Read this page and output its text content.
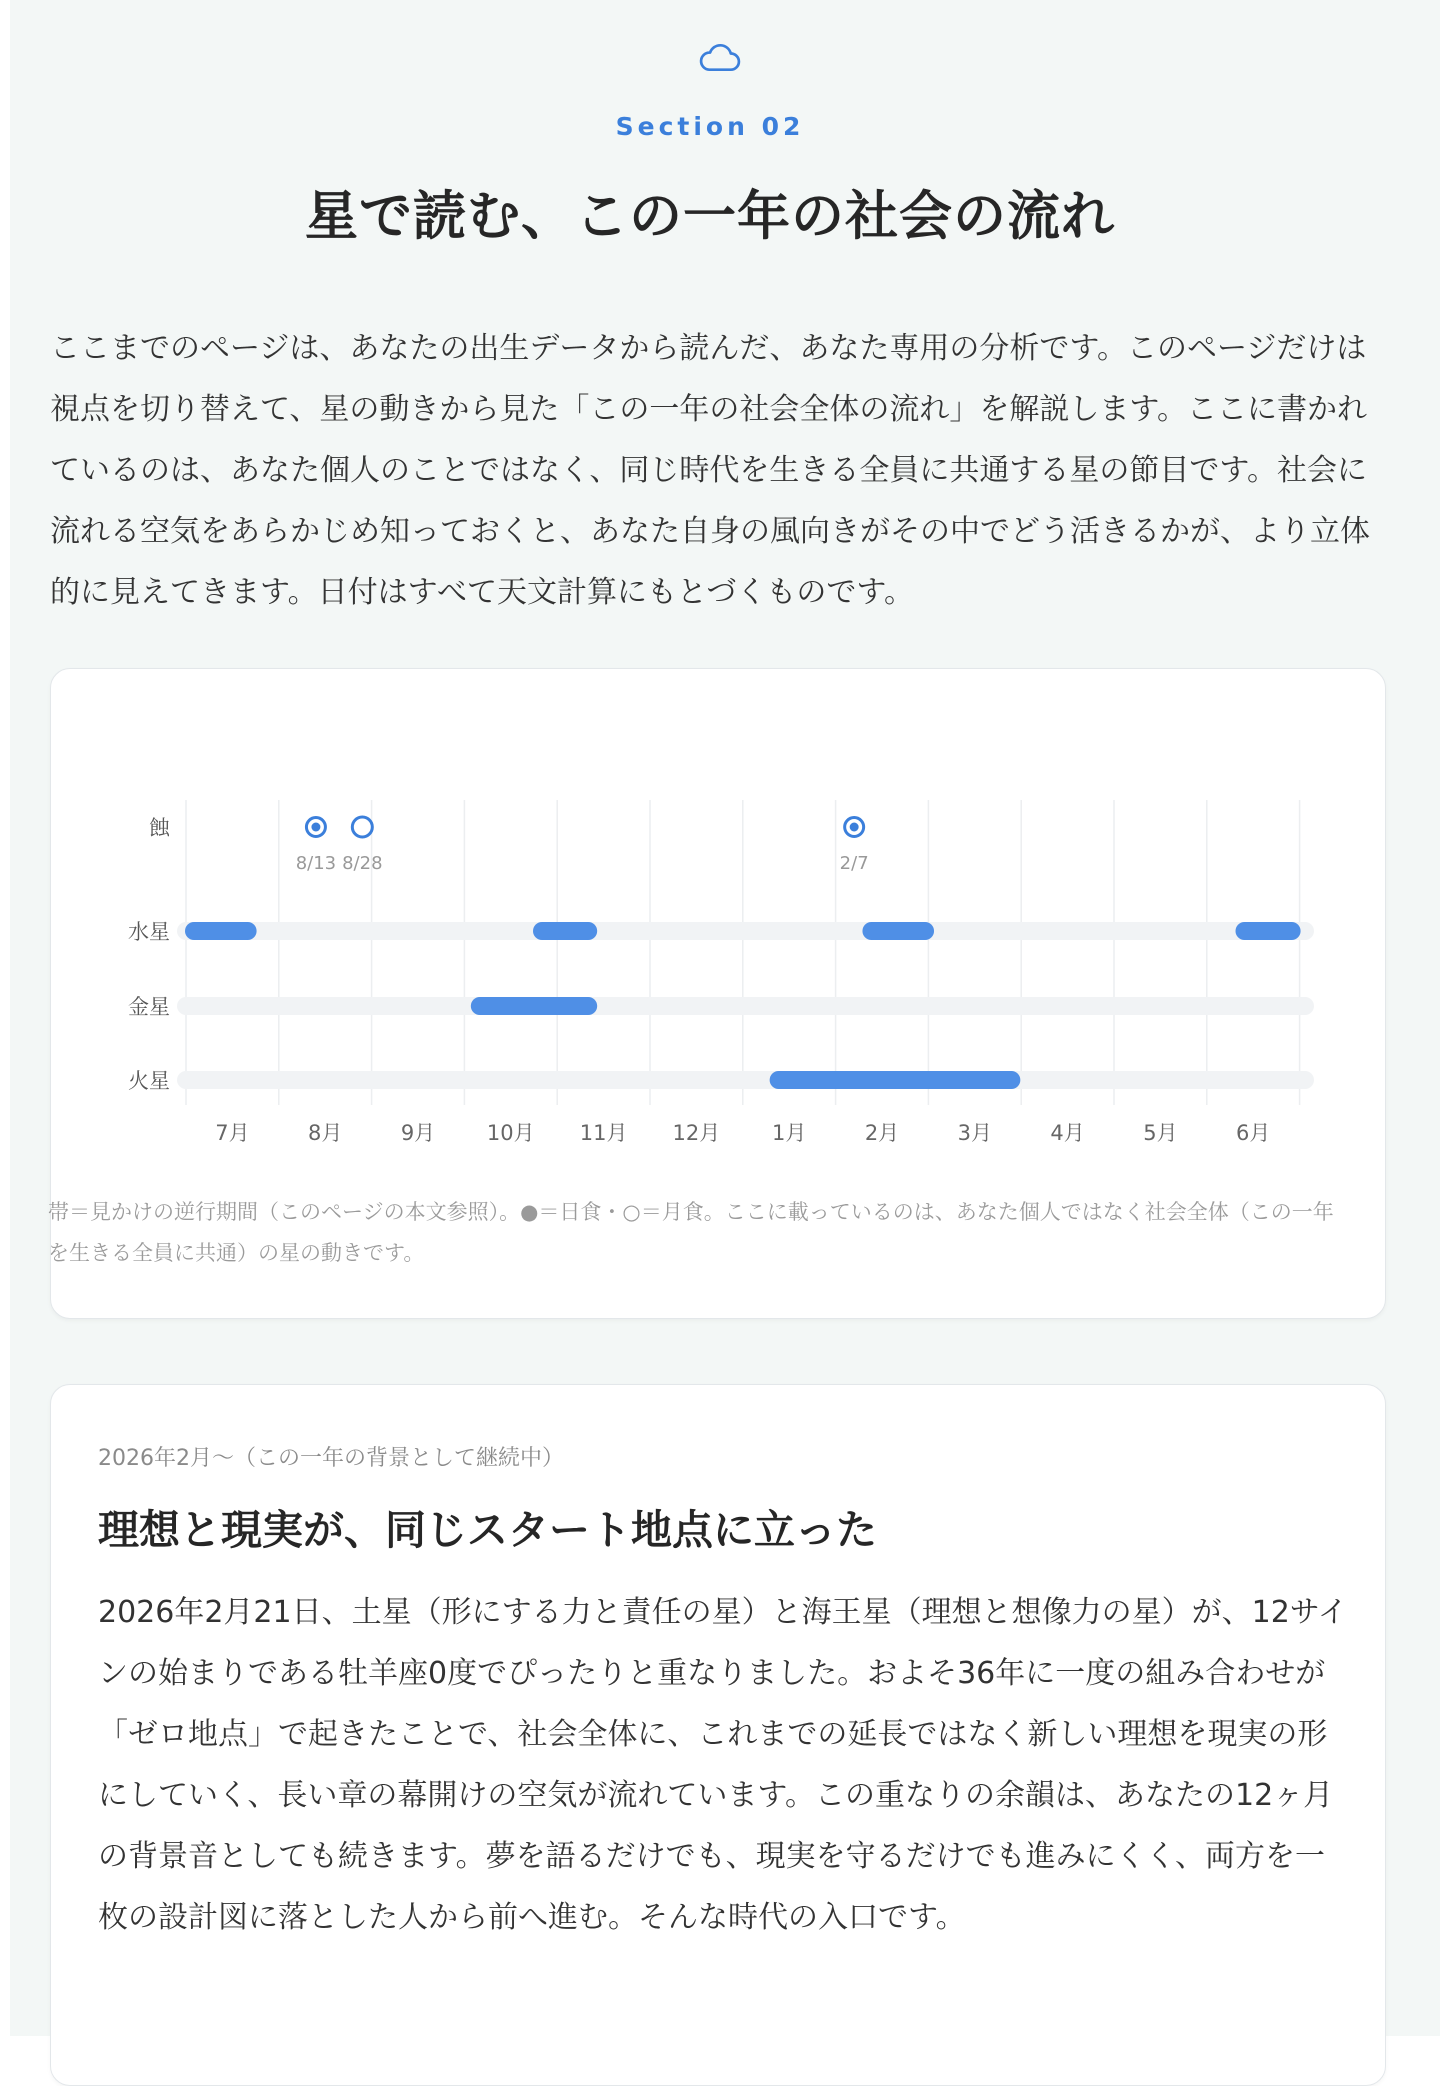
Section 02
星で読む、この一年の社会の流れ

ここまでのページは、あなたの出生データから読んだ、あなた専用の分析です。このページだけは視点を切り替えて、星の動きから見た「この一年の社会全体の流れ」を解説します。ここに書かれているのは、あなた個人のことではなく、同じ時代を生きる全員に共通する星の節目です。社会に流れる空気をあらかじめ知っておくと、あなた自身の風向きがその中でどう活きるかが、より立体的に見えてきます。日付はすべて天文計算にもとづくものです。

7月	8月	9月 10月 11月 12月 1月	2月	3月	4月	5月	6月
蝕
8/13 8/28	2/7
水星
金星
火星

帯＝見かけの逆行期間（このページの本文参照）。●＝日食・○＝月食。ここに載っているのは、あなた個人ではなく社会全体（この一年を生きる全員に共通）の星の動きです。

2026年2月〜（この一年の背景として継続中）
理想と現実が、同じスタート地点に立った

2026年2月21日、土星（形にする力と責任の星）と海王星（理想と想像力の星）が、12サインの始まりである牡羊座0度でぴったりと重なりました。およそ36年に一度の組み合わせが「ゼロ地点」で起きたことで、社会全体に、これまでの延長ではなく新しい理想を現実の形にしていく、長い章の幕開けの空気が流れています。この重なりの余韻は、あなたの12ヶ月の背景音としても続きます。夢を語るだけでも、現実を守るだけでも進みにくく、両方を一枚の設計図に落とした人から前へ進む。そんな時代の入口です。
